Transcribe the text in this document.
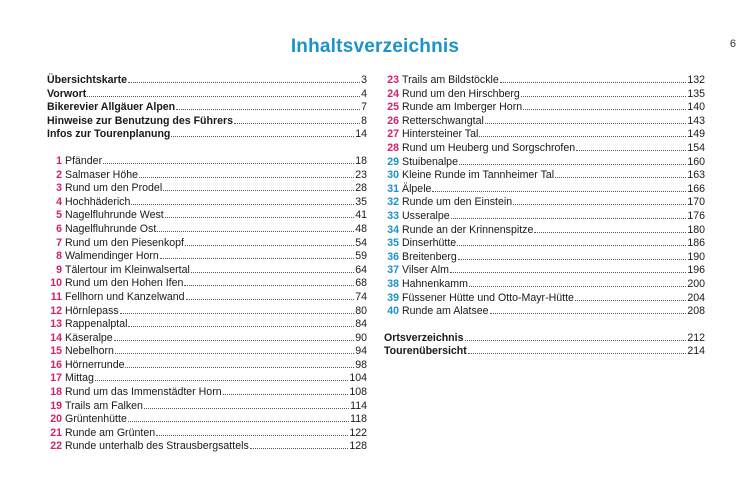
Inhaltsverzeichnis	6
Übersichtskarte	3
Vorwort	4
Bikerevier Allgäuer Alpen	7
Hinweise zur Benutzung des Führers	8
Infos zur Tourenplanung	14
1 Pfänder	18
2 Salmaser Höhe	23
3 Rund um den Prodel	28
4 Hochhäderich	35
5 Nagelfluhrunde West	41
6 Nagelfluhrunde Ost	48
7 Rund um den Piesenkopf	54
8 Walmendinger Horn	59
9 Tälertour im Kleinwalsertal	64
10 Rund um den Hohen Ifen	68
11 Fellhorn und Kanzelwand	74
12 Hörnlepass	80
13 Rappenalptal	84
14 Käseralpe	90
15 Nebelhorn	94
16 Hörnerrunde	98
17 Mittag	104
18 Rund um das Immenstädter Horn	108
19 Trails am Falken	114
20 Grüntenhütte	118
21 Runde am Grünten	122
22 Runde unterhalb des Strausbergsattels	128
23 Trails am Bildstöckle	132
24 Rund um den Hirschberg	135
25 Runde am Imberger Horn	140
26 Retterschwangtal	143
27 Hintersteiner Tal	149
28 Rund um Heuberg und Sorgschrofen	154
29 Stuibenalpe	160
30 Kleine Runde im Tannheimer Tal	163
31 Älpele	166
32 Runde um den Einstein	170
33 Usseralpe	176
34 Runde an der Krinnenspitze	180
35 Dinserhütte	186
36 Breitenberg	190
37 Vilser Alm	196
38 Hahnenkamm	200
39 Füssener Hütte und Otto-Mayr-Hütte	204
40 Runde am Alatsee	208
Ortsverzeichnis	212
Tourenübersicht	214
